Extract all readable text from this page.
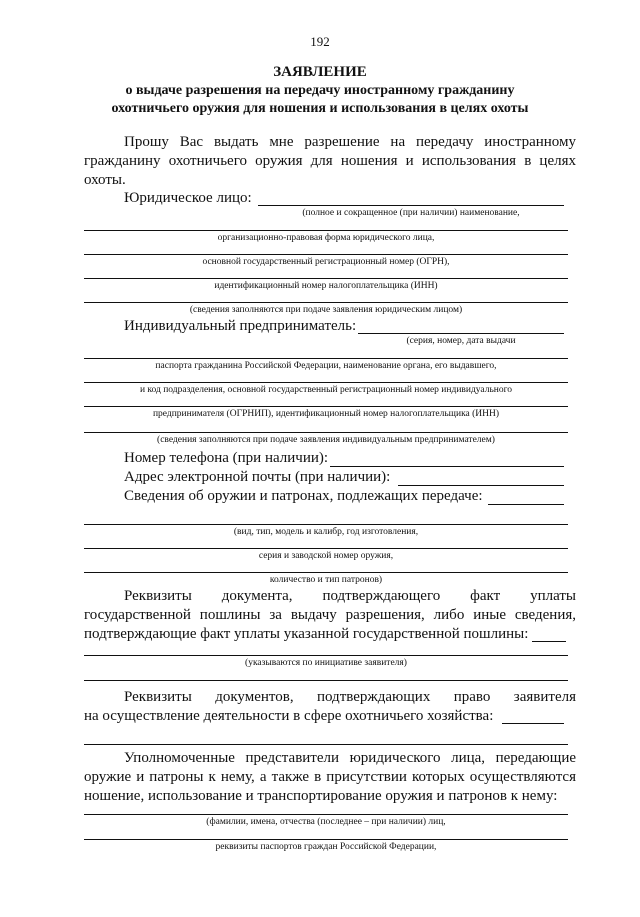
192
ЗАЯВЛЕНИЕ
о выдаче разрешения на передачу иностранному гражданину
охотничьего оружия для ношения и использования в целях охоты
Прошу Вас выдать мне разрешение на передачу иностранному
гражданину охотничьего оружия для ношения и использования в целях
охоты.
Юридическое лицо:
(полное и сокращенное (при наличии) наименование,
организационно-правовая форма юридического лица,
основной государственный регистрационный номер (ОГРН),
идентификационный номер налогоплательщика (ИНН)
(сведения заполняются при подаче заявления юридическим лицом)
Индивидуальный предприниматель:
(серия, номер, дата выдачи
паспорта гражданина Российской Федерации, наименование органа, его выдавшего,
и код подразделения, основной государственный регистрационный номер индивидуального
предпринимателя (ОГРНИП), идентификационный номер налогоплательщика (ИНН)
(сведения заполняются при подаче заявления индивидуальным предпринимателем)
Номер телефона (при наличии):
Адрес электронной почты (при наличии):
Сведения об оружии и патронах, подлежащих передаче:
(вид, тип, модель и калибр, год изготовления,
серия и заводской номер оружия,
количество и тип патронов)
Реквизиты документа, подтверждающего факт уплаты
государственной пошлины за выдачу разрешения, либо иные сведения,
подтверждающие факт уплаты указанной государственной пошлины:
(указываются по инициативе заявителя)
Реквизиты документов, подтверждающих право заявителя
на осуществление деятельности в сфере охотничьего хозяйства:
Уполномоченные представители юридического лица, передающие
оружие и патроны к нему, а также в присутствии которых осуществляются
ношение, использование и транспортирование оружия и патронов к нему:
(фамилии, имена, отчества (последнее – при наличии) лиц,
реквизиты паспортов граждан Российской Федерации,
